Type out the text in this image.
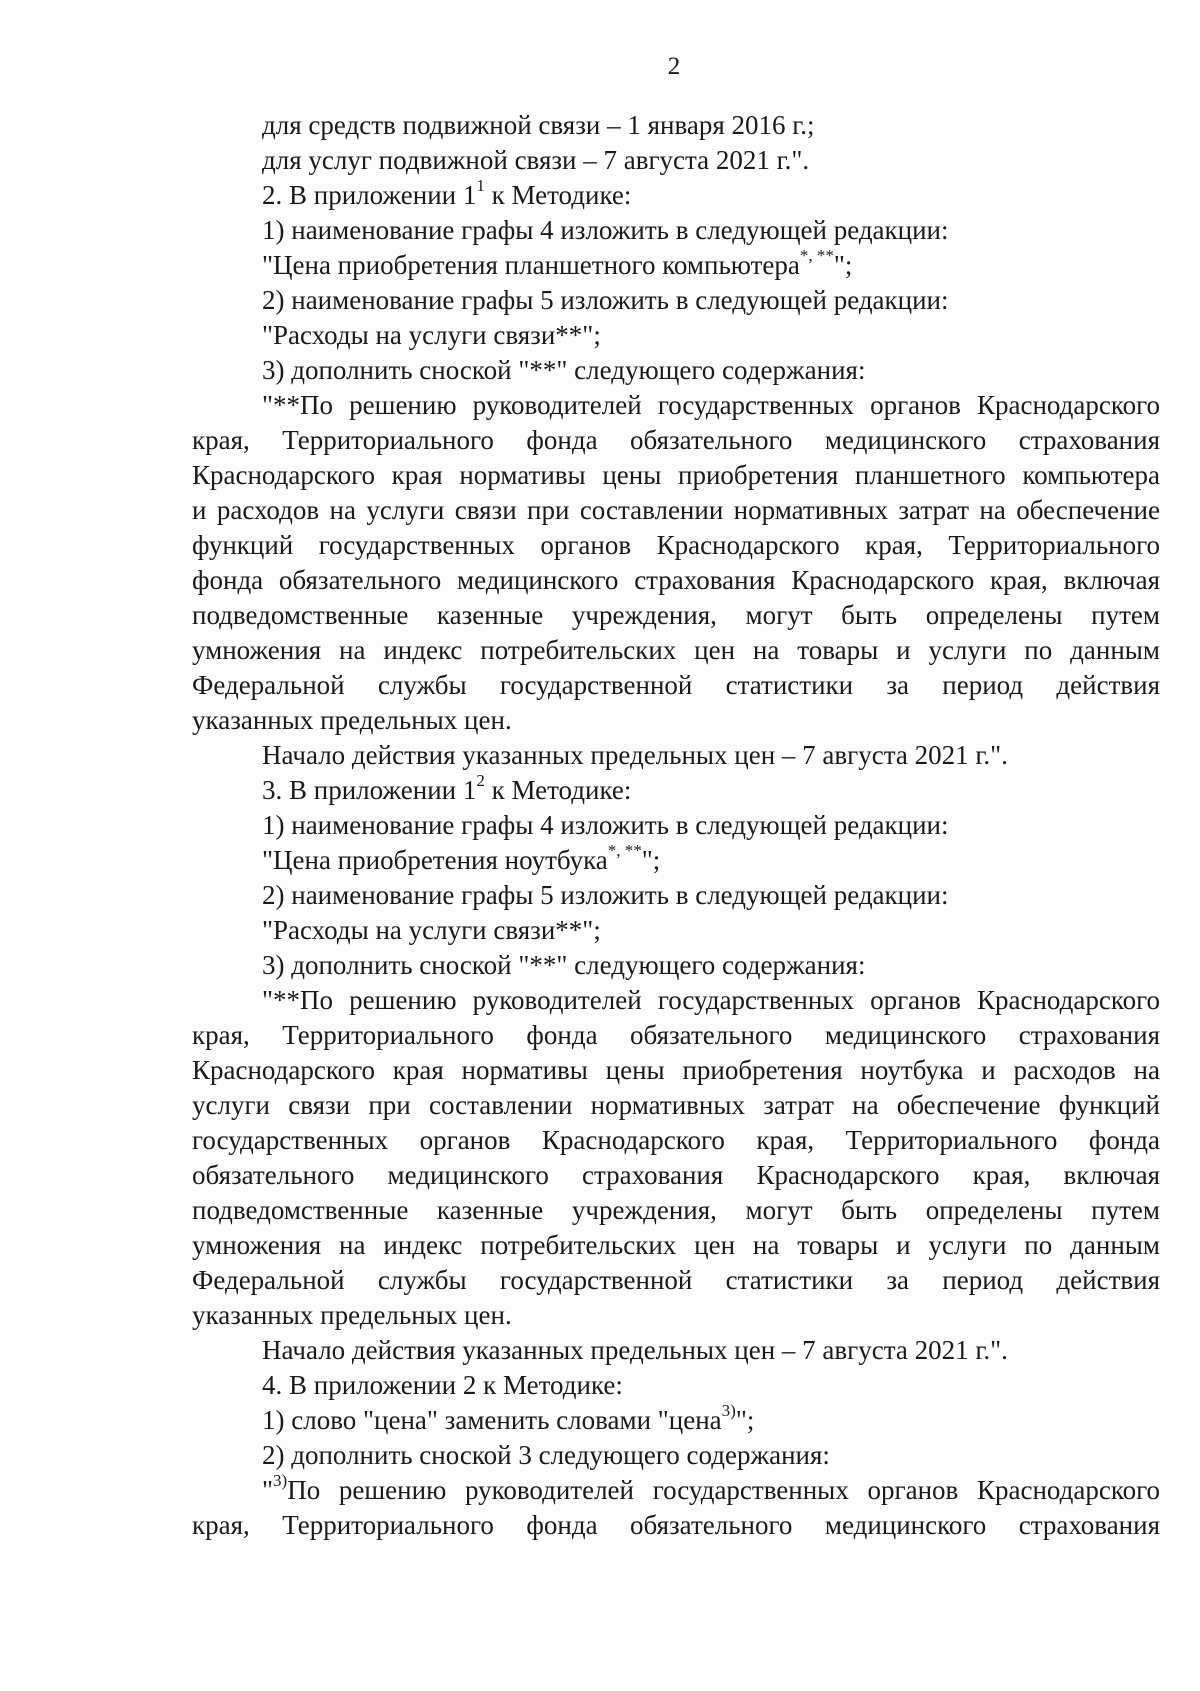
2
для средств подвижной связи – 1 января 2016 г.;
для услуг подвижной связи – 7 августа 2021 г.".
2. В приложении $1^1$ к Методике:
1) наименование графы 4 изложить в следующей редакции:
"Цена приобретения планшетного компьютера*, **";
2) наименование графы 5 изложить в следующей редакции:
"Расходы на услуги связи**";
3) дополнить сноской "**" следующего содержания:
"**По решению руководителей государственных органов Краснодарского
края, Территориального фонда обязательного медицинского страхования
Краснодарского края нормативы цены приобретения планшетного компьютера
и расходов на услуги связи при составлении нормативных затрат на обеспечение
функций государственных органов Краснодарского края, Территориального
фонда обязательного медицинского страхования Краснодарского края, включая
подведомственные казенные учреждения, могут быть определены путем
умножения на индекс потребительских цен на товары и услуги по данным
Федеральной службы государственной статистики за период действия
указанных предельных цен.
Начало действия указанных предельных цен – 7 августа 2021 г.".
3. В приложении $1^2$ к Методике:
1) наименование графы 4 изложить в следующей редакции:
"Цена приобретения ноутбука*, **";
2) наименование графы 5 изложить в следующей редакции:
"Расходы на услуги связи**";
3) дополнить сноской "**" следующего содержания:
"**По решению руководителей государственных органов Краснодарского
края, Территориального фонда обязательного медицинского страхования
Краснодарского края нормативы цены приобретения ноутбука и расходов на
услуги связи при составлении нормативных затрат на обеспечение функций
государственных органов Краснодарского края, Территориального фонда
обязательного медицинского страхования Краснодарского края, включая
подведомственные казенные учреждения, могут быть определены путем
умножения на индекс потребительских цен на товары и услуги по данным
Федеральной службы государственной статистики за период действия
указанных предельных цен.
Начало действия указанных предельных цен – 7 августа 2021 г.".
4. В приложении 2 к Методике:
1) слово "цена" заменить словами "цена$^{3)}$";
2) дополнить сноской 3 следующего содержания:
"$^{3)}$По решению руководителей государственных органов Краснодарского
края, Территориального фонда обязательного медицинского страхования
